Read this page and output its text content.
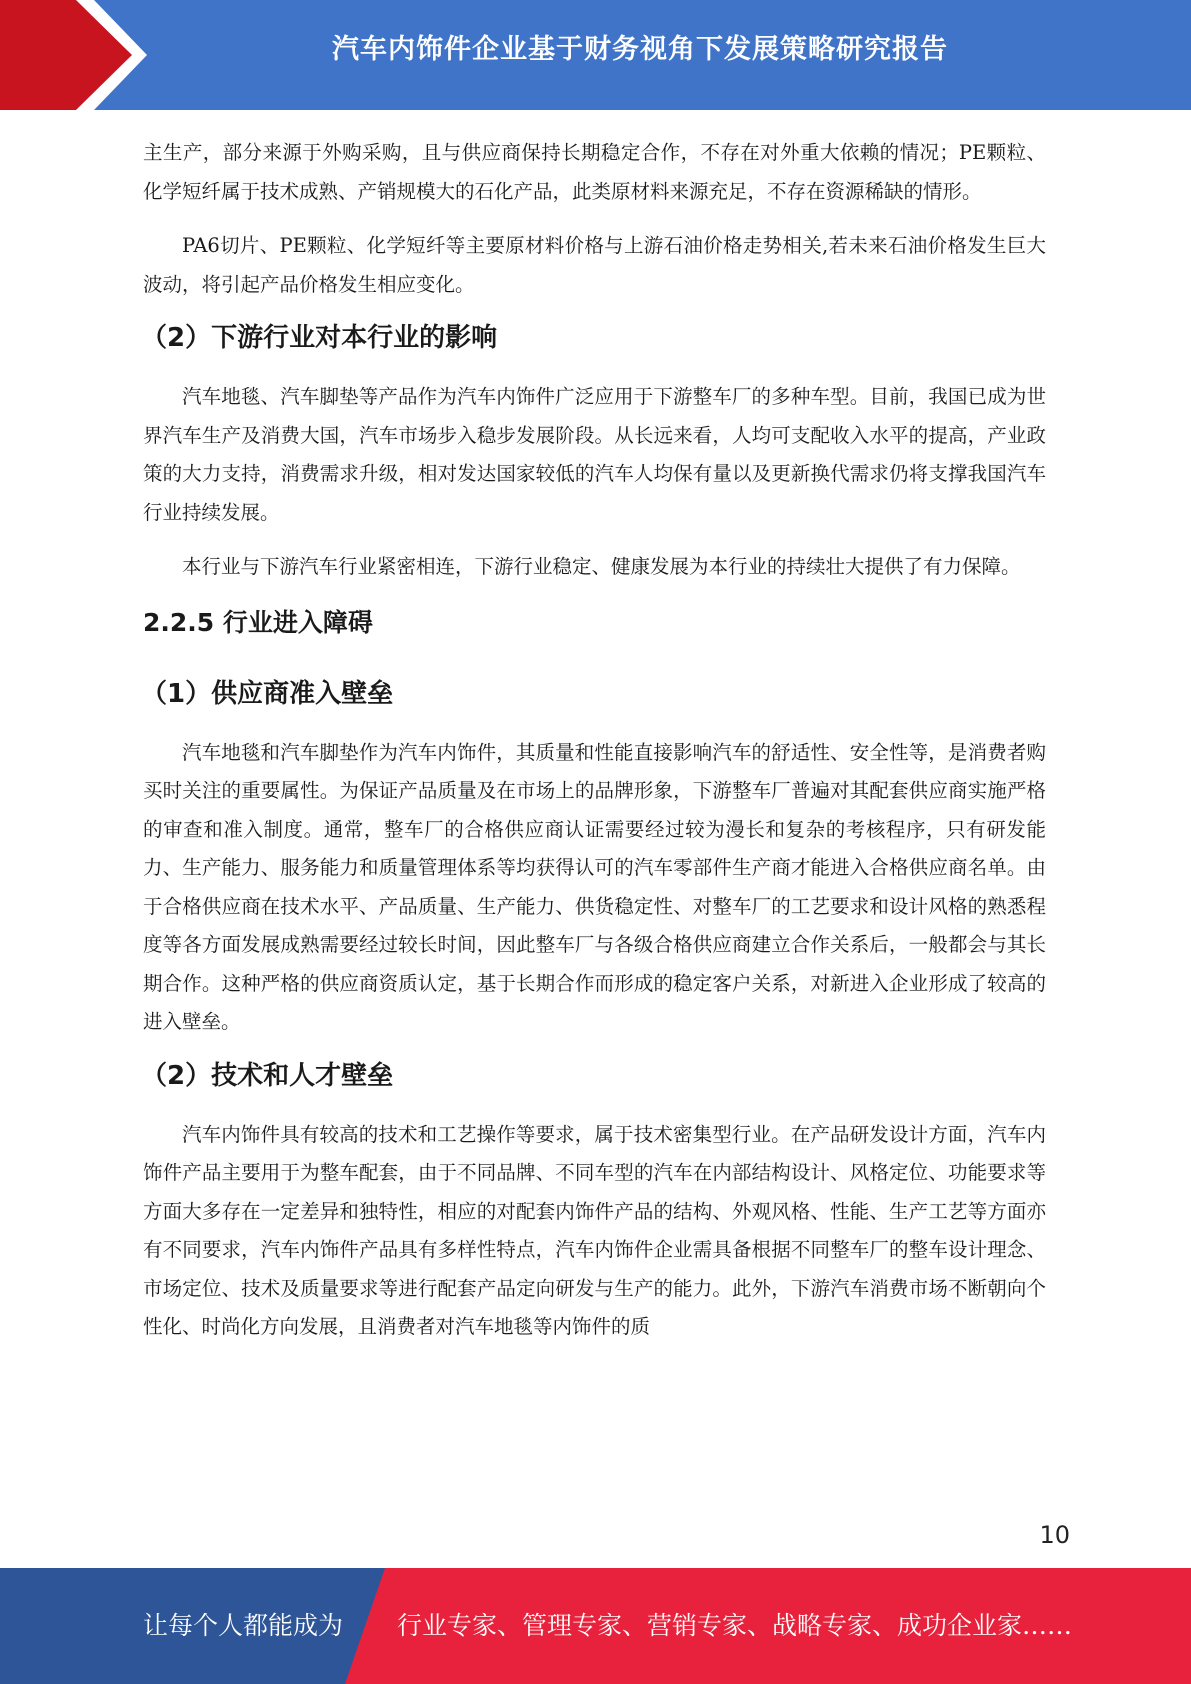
汽车内饰件企业基于财务视角下发展策略研究报告

主生产，部分来源于外购采购，且与供应商保持长期稳定合作，不存在对外重大依赖的情况；PE颗粒、化学短纤属于技术成熟、产销规模大的石化产品，此类原材料来源充足，不存在资源稀缺的情形。

PA6切片、PE颗粒、化学短纤等主要原材料价格与上游石油价格走势相关,若未来石油价格发生巨大波动，将引起产品价格发生相应变化。

（2）下游行业对本行业的影响

汽车地毯、汽车脚垫等产品作为汽车内饰件广泛应用于下游整车厂的多种车型。目前，我国已成为世界汽车生产及消费大国，汽车市场步入稳步发展阶段。从长远来看，人均可支配收入水平的提高，产业政策的大力支持，消费需求升级，相对发达国家较低的汽车人均保有量以及更新换代需求仍将支撑我国汽车行业持续发展。

本行业与下游汽车行业紧密相连，下游行业稳定、健康发展为本行业的持续壮大提供了有力保障。

2.2.5 行业进入障碍
（1）供应商准入壁垒

汽车地毯和汽车脚垫作为汽车内饰件，其质量和性能直接影响汽车的舒适性、安全性等，是消费者购买时关注的重要属性。为保证产品质量及在市场上的品牌形象，下游整车厂普遍对其配套供应商实施严格的审查和准入制度。通常，整车厂的合格供应商认证需要经过较为漫长和复杂的考核程序，只有研发能力、生产能力、服务能力和质量管理体系等均获得认可的汽车零部件生产商才能进入合格供应商名单。由于合格供应商在技术水平、产品质量、生产能力、供货稳定性、对整车厂的工艺要求和设计风格的熟悉程度等各方面发展成熟需要经过较长时间，因此整车厂与各级合格供应商建立合作关系后，一般都会与其长期合作。这种严格的供应商资质认定，基于长期合作而形成的稳定客户关系，对新进入企业形成了较高的进入壁垒。

（2）技术和人才壁垒

汽车内饰件具有较高的技术和工艺操作等要求，属于技术密集型行业。在产品研发设计方面，汽车内饰件产品主要用于为整车配套，由于不同品牌、不同车型的汽车在内部结构设计、风格定位、功能要求等方面大多存在一定差异和独特性，相应的对配套内饰件产品的结构、外观风格、性能、生产工艺等方面亦有不同要求，汽车内饰件产品具有多样性特点，汽车内饰件企业需具备根据不同整车厂的整车设计理念、市场定位、技术及质量要求等进行配套产品定向研发与生产的能力。此外，下游汽车消费市场不断朝向个性化、时尚化方向发展，且消费者对汽车地毯等内饰件的质

10
让每个人都能成为 行业专家、管理专家、营销专家、战略专家、成功企业家……
